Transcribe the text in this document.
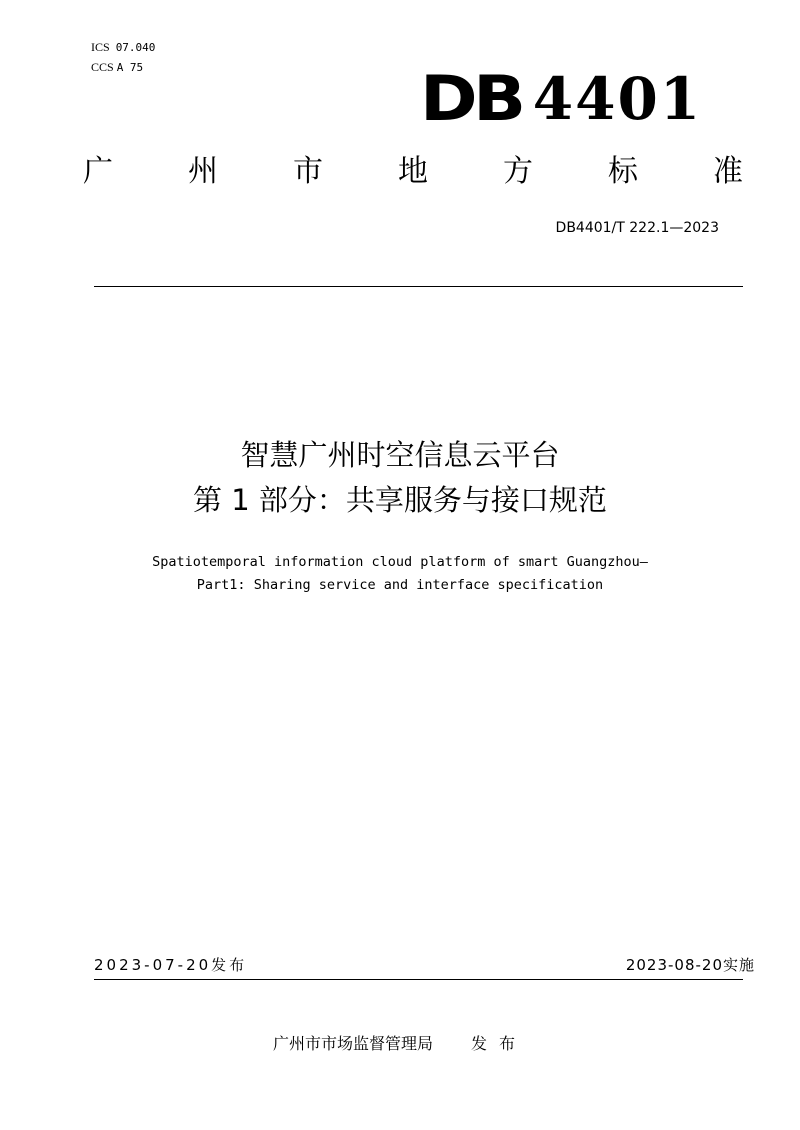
ICS 07.040
CCS A 75	DB 4401
广	州	市	地	方	标	准
DB4401/T 222.1—2023
智慧广州时空信息云平台
第 1 部分：共享服务与接口规范
Spatiotemporal information cloud platform of smart Guangzhou—
Part1: Sharing service and interface specification
2023-07-20发布	2023-08-20实施
广州市市场监督管理局 发布
